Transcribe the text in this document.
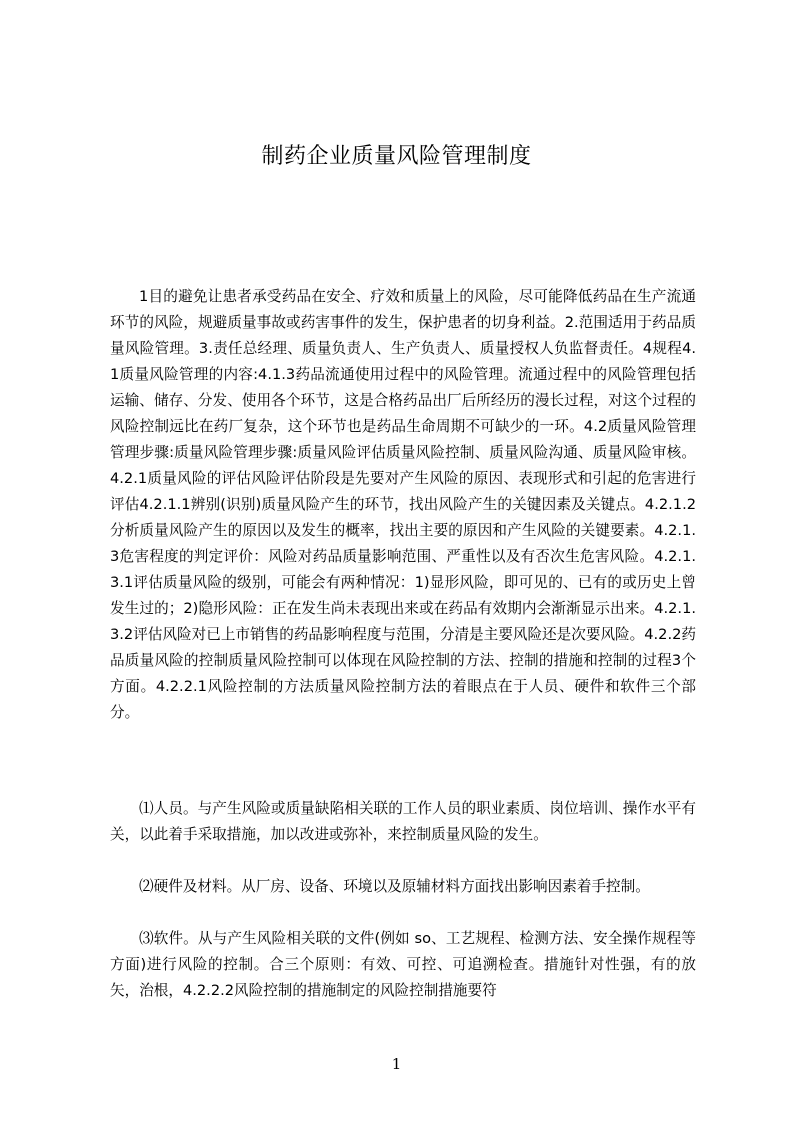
制药企业质量风险管理制度

1目的避免让患者承受药品在安全、疗效和质量上的风险，尽可能降低药品在生产流通环节的风险，规避质量事故或药害事件的发生，保护患者的切身利益。2.范围适用于药品质量风险管理。3.责任总经理、质量负责人、生产负责人、质量授权人负监督责任。4规程4.1质量风险管理的内容:4.1.3药品流通使用过程中的风险管理。流通过程中的风险管理包括运输、储存、分发、使用各个环节，这是合格药品出厂后所经历的漫长过程，对这个过程的风险控制远比在药厂复杂，这个环节也是药品生命周期不可缺少的一环。4.2质量风险管理管理步骤:质量风险管理步骤:质量风险评估质量风险控制、质量风险沟通、质量风险审核。4.2.1质量风险的评估风险评估阶段是先要对产生风险的原因、表现形式和引起的危害进行评估4.2.1.1辨别(识别)质量风险产生的环节，找出风险产生的关键因素及关键点。4.2.1.2分析质量风险产生的原因以及发生的概率，找出主要的原因和产生风险的关键要素。4.2.1.3危害程度的判定评价：风险对药品质量影响范围、严重性以及有否次生危害风险。4.2.1.3.1评估质量风险的级别，可能会有两种情况：1)显形风险，即可见的、已有的或历史上曾发生过的；2)隐形风险：正在发生尚未表现出来或在药品有效期内会渐渐显示出来。4.2.1.3.2评估风险对已上市销售的药品影响程度与范围，分清是主要风险还是次要风险。4.2.2药品质量风险的控制质量风险控制可以体现在风险控制的方法、控制的措施和控制的过程3个方面。4.2.2.1风险控制的方法质量风险控制方法的着眼点在于人员、硬件和软件三个部分。

⑴人员。与产生风险或质量缺陷相关联的工作人员的职业素质、岗位培训、操作水平有关，以此着手采取措施，加以改进或弥补，来控制质量风险的发生。

⑵硬件及材料。从厂房、设备、环境以及原辅材料方面找出影响因素着手控制。

⑶软件。从与产生风险相关联的文件(例如 so、工艺规程、检测方法、安全操作规程等方面)进行风险的控制。合三个原则：有效、可控、可追溯检查。措施针对性强，有的放矢，治根，4.2.2.2风险控制的措施制定的风险控制措施要符

1
